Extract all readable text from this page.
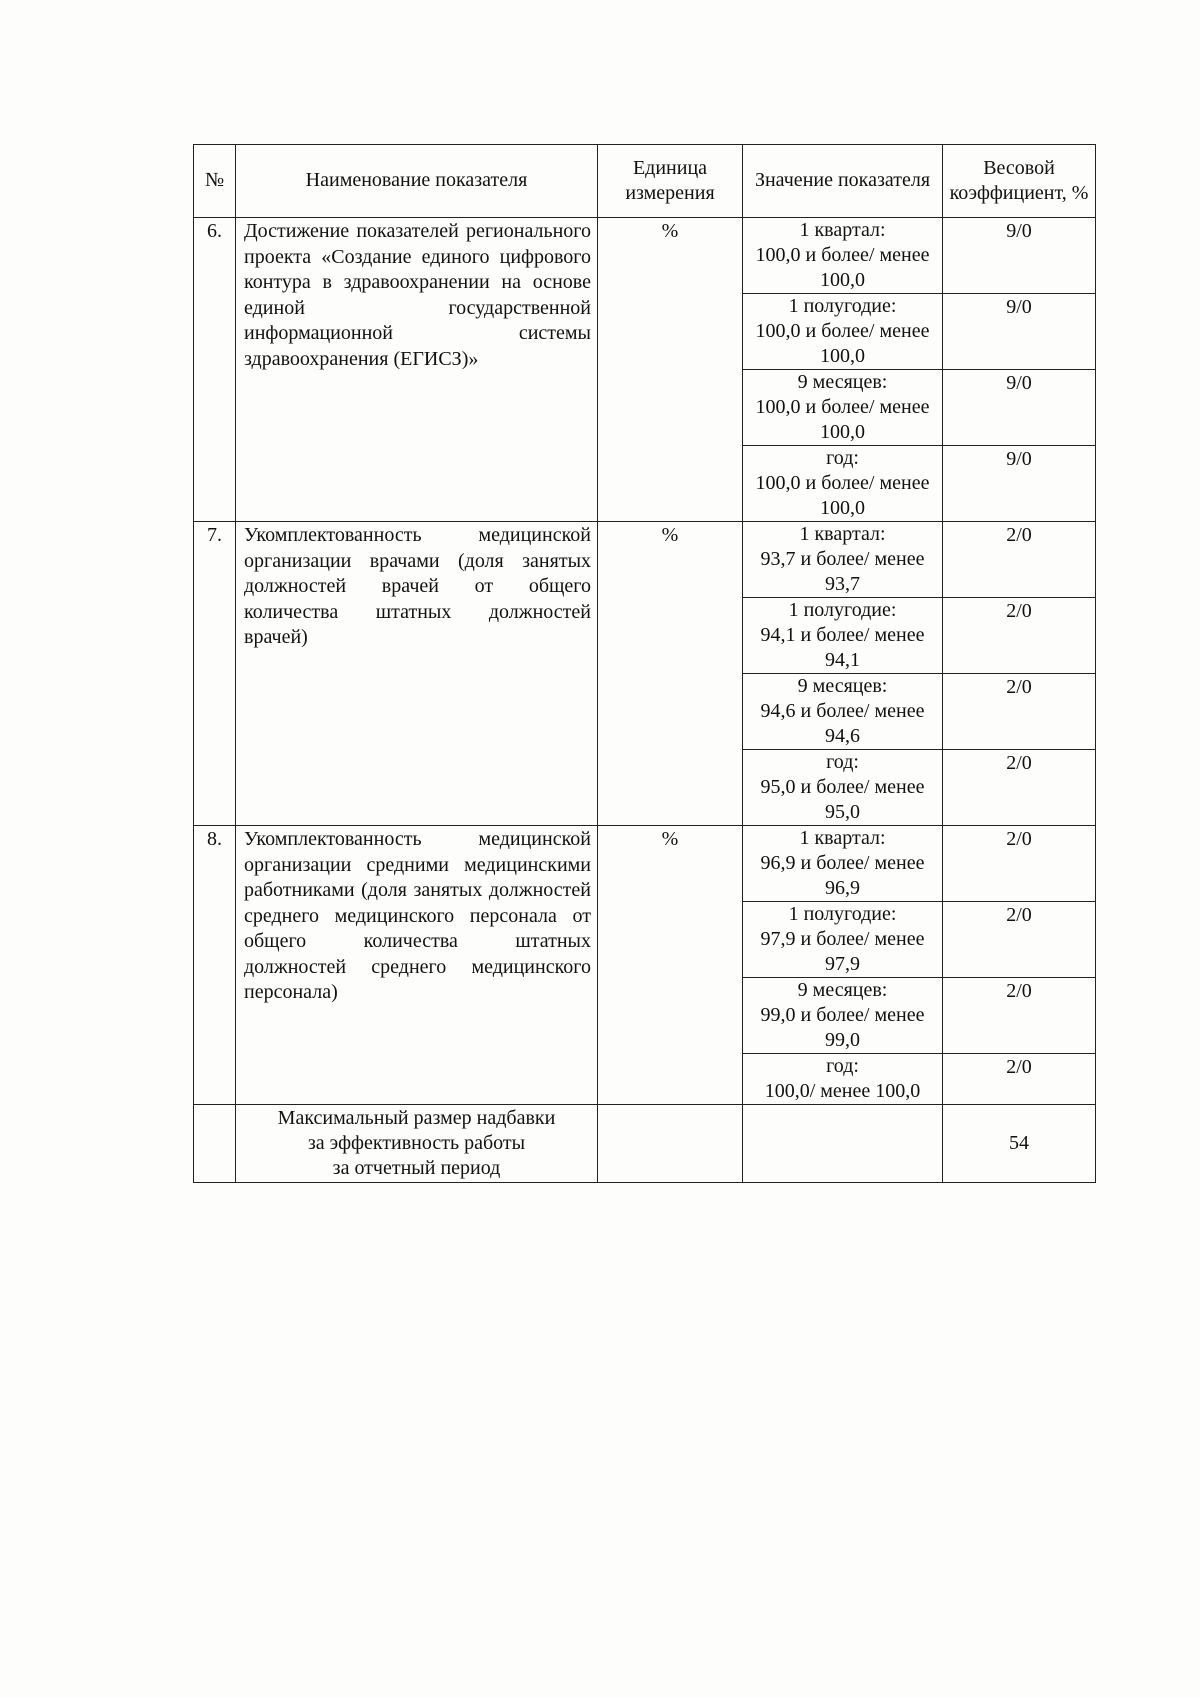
№	Наименование показателя	Единица измерения	Значение показателя	Весовой коэффициент, %
6.	Достижение показателей регионального проекта «Создание единого цифрового контура в здравоохранении на основе единой государственной информационной системы здравоохранения (ЕГИСЗ)»	%	1 квартал:
100,0 и более/ менее 100,0	9/0

			1 полугодие:
100,0 и более/ менее 100,0	9/0

			9 месяцев:
100,0 и более/ менее 100,0	9/0

			год:
100,0 и более/ менее 100,0	9/0
7.	Укомплектованность медицинской организации врачами (доля занятых должностей врачей от общего количества штатных должностей врачей)	%	1 квартал:
93,7 и более/ менее 93,7	2/0

			1 полугодие:
94,1 и более/ менее 94,1	2/0

			9 месяцев:
94,6 и более/ менее 94,6	2/0

			год:
95,0 и более/ менее 95,0	2/0
8.	Укомплектованность медицинской организации средними медицинскими работниками (доля занятых должностей среднего медицинского персонала от общего количества штатных должностей среднего медицинского персонала)	%	1 квартал:
96,9 и более/ менее 96,9	2/0

			1 полугодие:
97,9 и более/ менее 97,9	2/0

			9 месяцев:
99,0 и более/ менее 99,0	2/0

			год:
100,0/ менее 100,0	2/0

	Максимальный размер надбавки
за эффективность работы
за отчетный период			54
